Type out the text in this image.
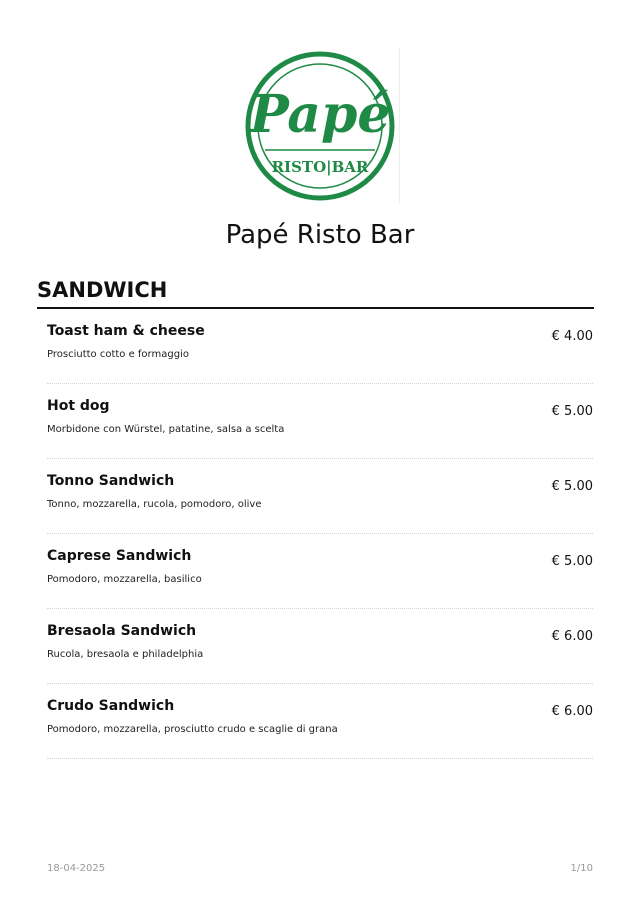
Papé
RISTO|BAR
Papé Risto Bar
SANDWICH
Toast ham & cheese
Prosciutto cotto e formaggio
€ 4.00
Hot dog
Morbidone con Würstel, patatine, salsa a scelta
€ 5.00
Tonno Sandwich
Tonno, mozzarella, rucola, pomodoro, olive
€ 5.00
Caprese Sandwich
Pomodoro, mozzarella, basilico
€ 5.00
Bresaola Sandwich
Rucola, bresaola e philadelphia
€ 6.00
Crudo Sandwich
Pomodoro, mozzarella, prosciutto crudo e scaglie di grana
€ 6.00
18-04-2025	1/10
